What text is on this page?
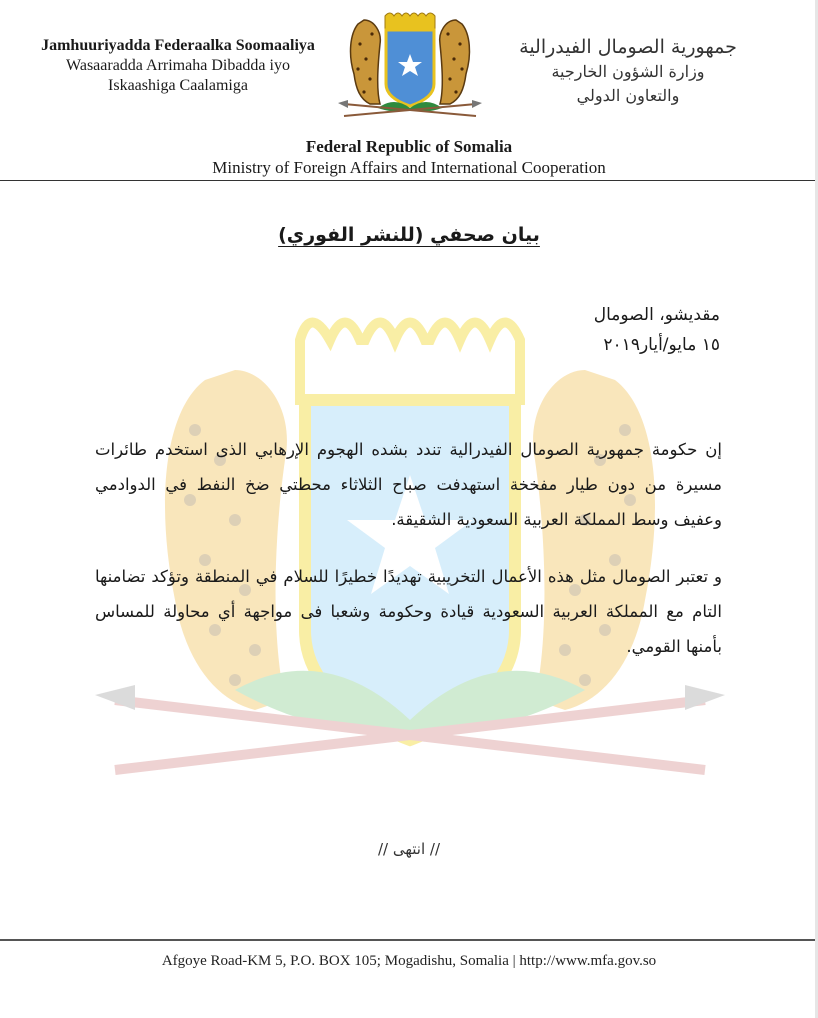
Jamhuuriyadda Federaalka Soomaaliya
Wasaaradda Arrimaha Dibadda iyo
Iskaashiga Caalamiga
جمهورية الصومال الفيدرالية
وزارة الشؤون الخارجية
والتعاون الدولي
Federal Republic of Somalia
Ministry of Foreign Affairs and International Cooperation
بيان صحفي (للنشر الفوري)
مقديشو، الصومال
١٥ مايو/أيار٢٠١٩
إن حكومة جمهورية الصومال الفيدرالية تندد بشده الهجوم الإرهابي الذى استخدم طائرات مسيرة من دون طيار مفخخة استهدفت صباح الثلاثاء محطتي ضخ النفط في الدوادمي وعفيف وسط المملكة العربية السعودية الشقيقة.
و تعتبر الصومال مثل هذه الأعمال التخريبية تهديدًا خطيرًا للسلام في المنطقة وتؤكد تضامنها التام مع المملكة العربية السعودية قيادة وحكومة وشعبا فى مواجهة أي محاولة للمساس بأمنها القومي.
// انتهى //
Afgoye Road-KM 5, P.O. BOX 105; Mogadishu, Somalia | http://www.mfa.gov.so
